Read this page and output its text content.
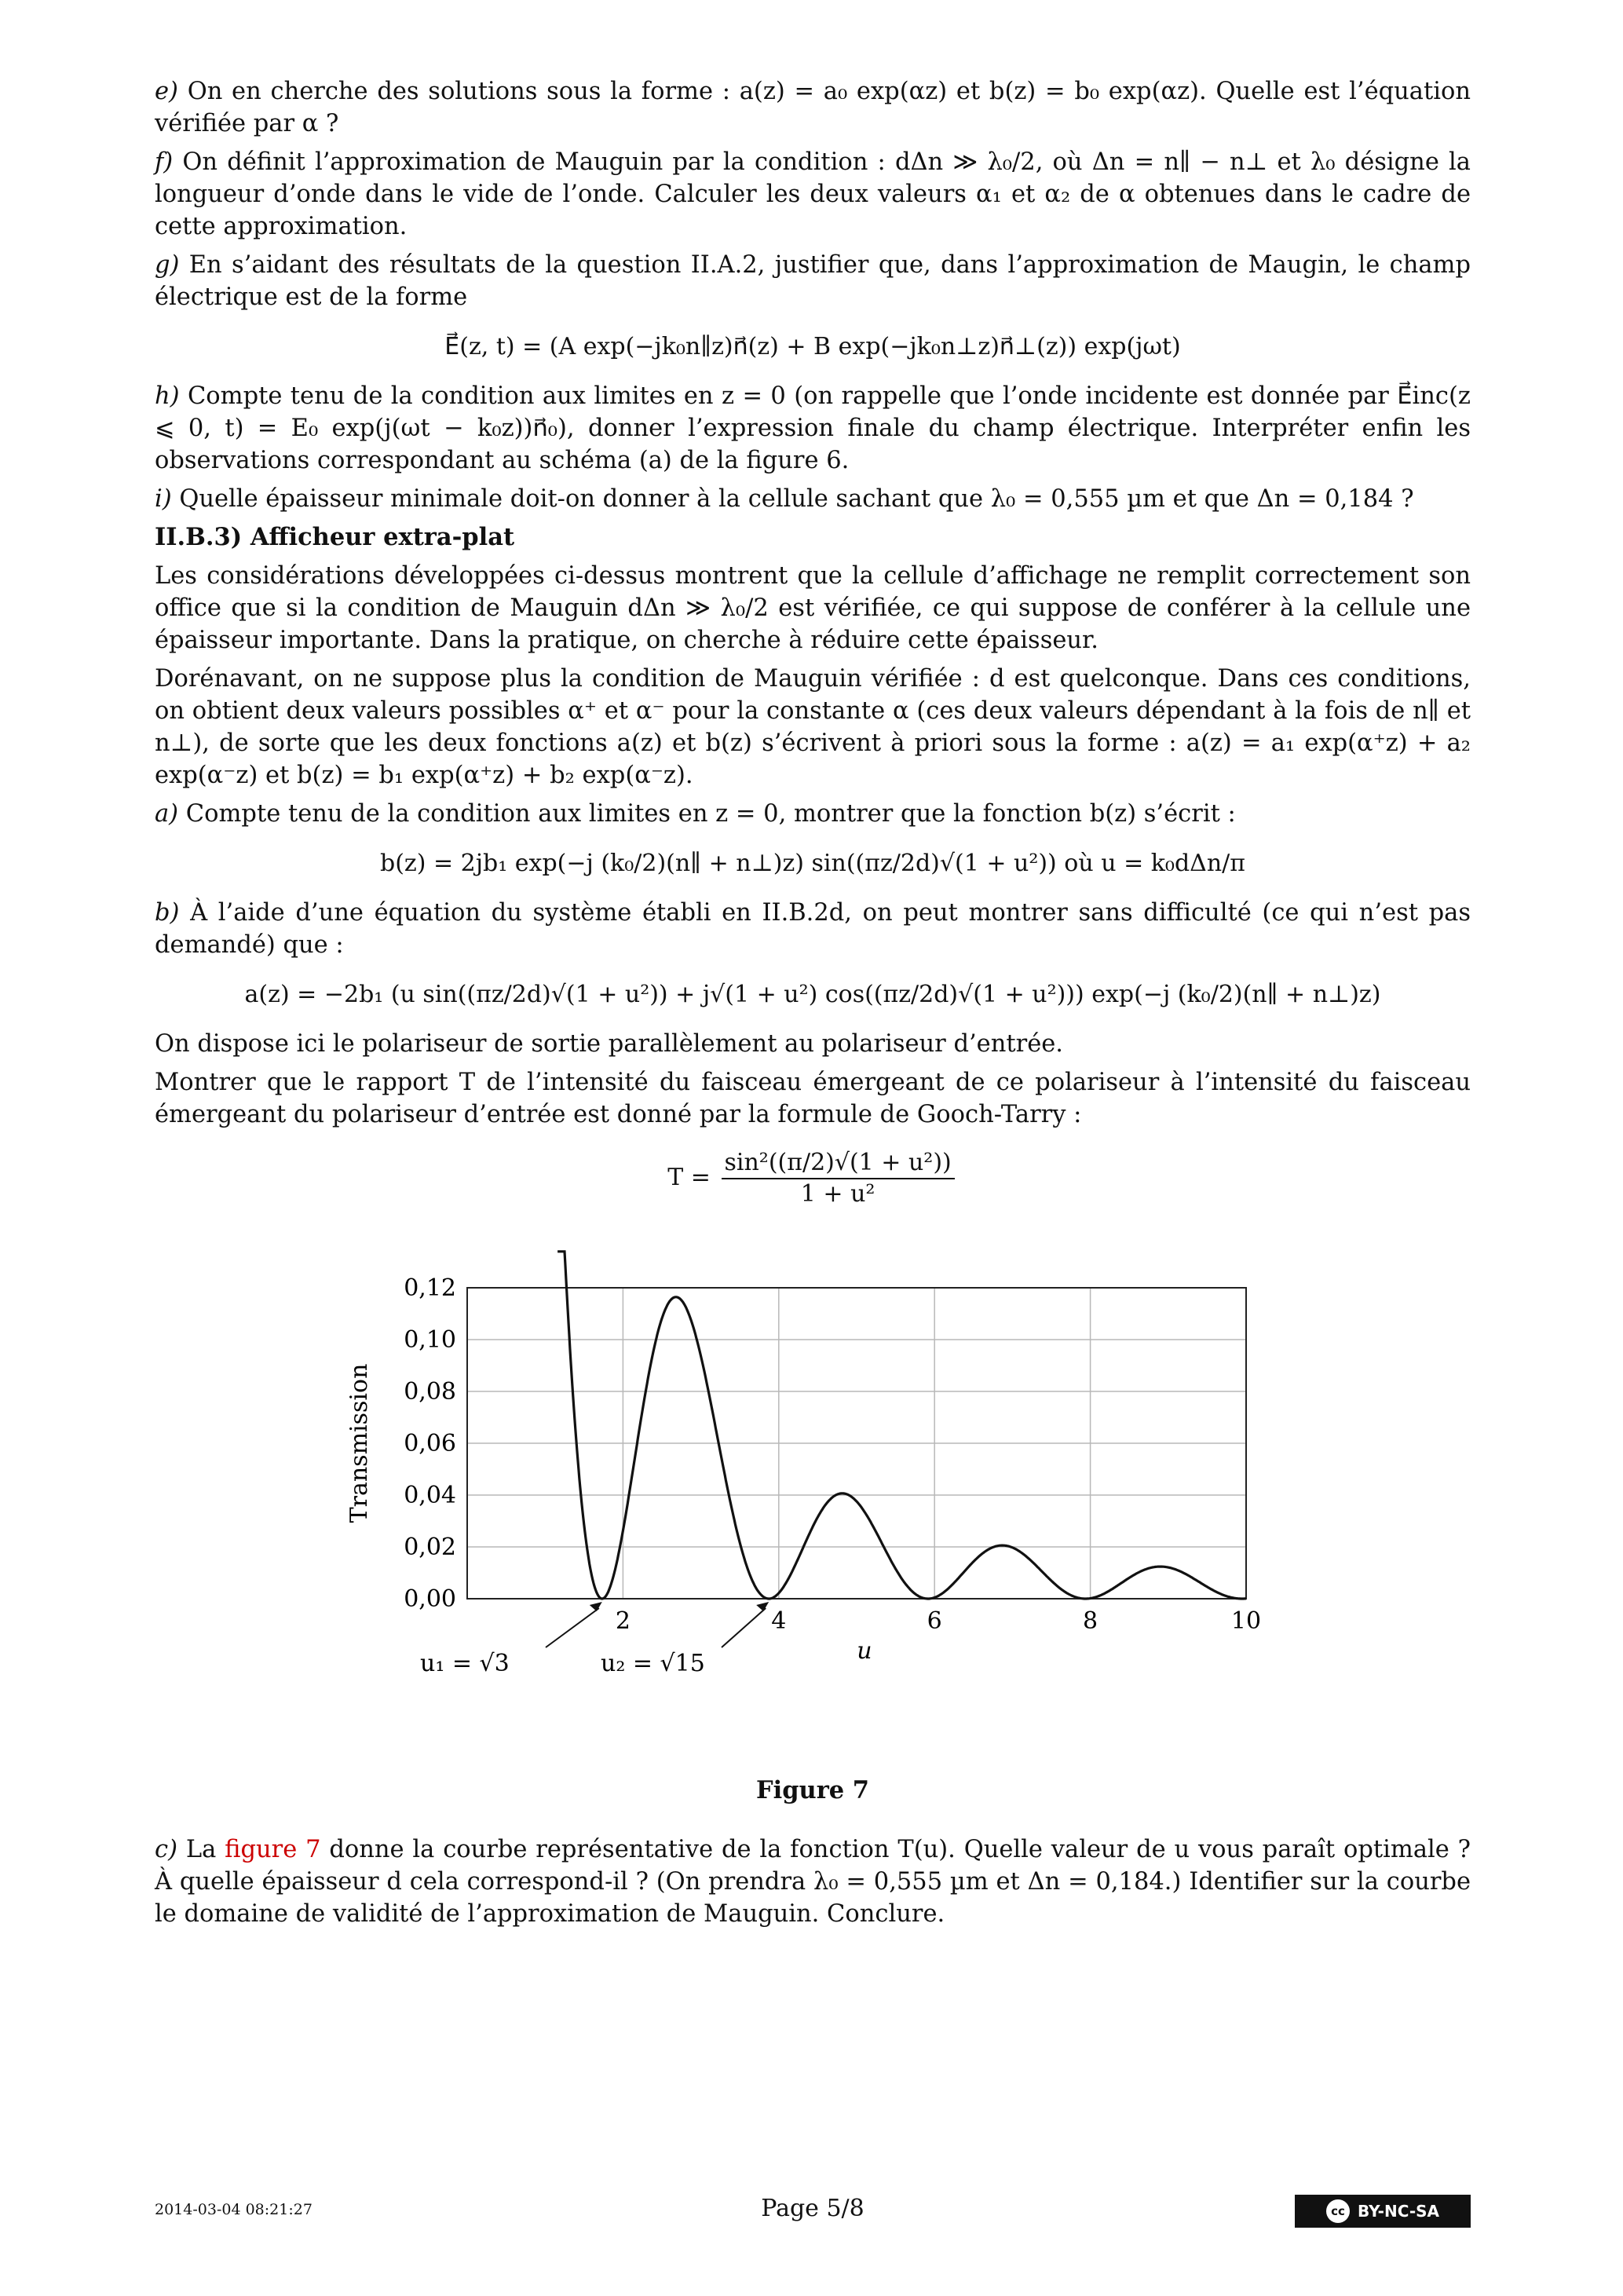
e) On en cherche des solutions sous la forme : a(z) = a₀ exp(αz) et b(z) = b₀ exp(αz). Quelle est l’équation vérifiée par α ?

f) On définit l’approximation de Mauguin par la condition : dΔn ≫ λ₀/2, où Δn = n∥ − n⊥ et λ₀ désigne la longueur d’onde dans le vide de l’onde. Calculer les deux valeurs α₁ et α₂ de α obtenues dans le cadre de cette approximation.

g) En s’aidant des résultats de la question II.A.2, justifier que, dans l’approximation de Maugin, le champ électrique est de la forme

E⃗(z, t) = (A exp(−jk₀n∥z)n⃗(z) + B exp(−jk₀n⊥z)n⃗⊥(z)) exp(jωt)

h) Compte tenu de la condition aux limites en z = 0 (on rappelle que l’onde incidente est donnée par E⃗inc(z ⩽ 0, t) = E₀ exp(j(ωt − k₀z))n⃗₀), donner l’expression finale du champ électrique. Interpréter enfin les observations correspondant au schéma (a) de la figure 6.

i) Quelle épaisseur minimale doit-on donner à la cellule sachant que λ₀ = 0,555 µm et que Δn = 0,184 ?

II.B.3) Afficheur extra-plat

Les considérations développées ci-dessus montrent que la cellule d’affichage ne remplit correctement son office que si la condition de Mauguin dΔn ≫ λ₀/2 est vérifiée, ce qui suppose de conférer à la cellule une épaisseur importante. Dans la pratique, on cherche à réduire cette épaisseur.

Dorénavant, on ne suppose plus la condition de Mauguin vérifiée : d est quelconque. Dans ces conditions, on obtient deux valeurs possibles α⁺ et α⁻ pour la constante α (ces deux valeurs dépendant à la fois de n∥ et n⊥), de sorte que les deux fonctions a(z) et b(z) s’écrivent à priori sous la forme : a(z) = a₁ exp(α⁺z) + a₂ exp(α⁻z) et b(z) = b₁ exp(α⁺z) + b₂ exp(α⁻z).

a) Compte tenu de la condition aux limites en z = 0, montrer que la fonction b(z) s’écrit :

b(z) = 2jb₁ exp(−j (k₀/2)(n∥ + n⊥)z) sin((πz/2d)√(1 + u²)) où u = k₀dΔn/π

b) À l’aide d’une équation du système établi en II.B.2d, on peut montrer sans difficulté (ce qui n’est pas demandé) que :

a(z) = −2b₁ (u sin((πz/2d)√(1 + u²)) + j√(1 + u²) cos((πz/2d)√(1 + u²))) exp(−j (k₀/2)(n∥ + n⊥)z)

On dispose ici le polariseur de sortie parallèlement au polariseur d’entrée.

Montrer que le rapport T de l’intensité du faisceau émergeant de ce polariseur à l’intensité du faisceau émergeant du polariseur d’entrée est donné par la formule de Gooch-Tarry :

$T = \frac{\text{sin²((π/2)√(1 + u²))}}{\text{1 + u²}}$
2	4	6	8	10
0,00
0,02
0,04
0,06
0,08
0,10
0,12
u
Transmission
u₁ = √3	u₂ = √15
Figure 7

c) La figure 7 donne la courbe représentative de la fonction T(u). Quelle valeur de u vous paraît optimale ? À quelle épaisseur d cela correspond-il ? (On prendra λ₀ = 0,555 µm et Δn = 0,184.) Identifier sur la courbe le domaine de validité de l’approximation de Mauguin. Conclure.

2014-03-04 08:21:27	Page 5/8	cc BY-NC-SA
